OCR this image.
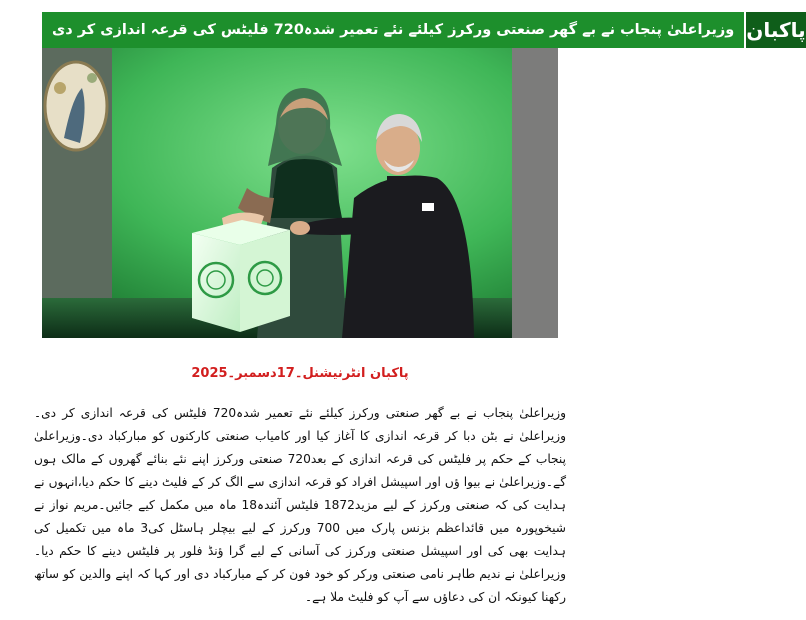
وزیراعلیٰ پنجاب نے بے گھر صنعتی ورکرز کیلئے نئے تعمیر شدہ720 فلیٹس کی قرعہ اندازی کر دی پاکبان
پاکبان انٹرنیشنل۔17دسمبر۔2025
وزیراعلیٰ پنجاب نے بے گھر صنعتی ورکرز کیلئے نئے تعمیر شدہ720 فلیٹس کی قرعہ اندازی کر دی۔وزیراعلیٰ نے بٹن دبا کر قرعہ اندازی کا آغاز کیا اور کامیاب صنعتی کارکنوں کو مبارکباد دی۔وزیراعلیٰ پنجاب کے حکم پر فلیٹس کی قرعہ اندازی کے بعد720 صنعتی ورکرز اپنے نئے بنائے گھروں کے مالک ہوں گے۔وزیراعلیٰ نے بیوا ؤں اور اسپیشل افراد کو قرعہ اندازی سے الگ کر کے فلیٹ دینے کا حکم دیا،انہوں نے ہدایت کی کہ صنعتی ورکرز کے لیے مزید1872 فلیٹس آئندہ18 ماہ میں مکمل کیے جائیں۔مریم نواز نے شیخوپورہ میں قائداعظم بزنس پارک میں 700 ورکرز کے لیے بیچلر ہاسٹل کی3 ماہ میں تکمیل کی ہدایت بھی کی اور اسپیشل صنعتی ورکرز کی آسانی کے لیے گرا ؤنڈ فلور پر فلیٹس دینے کا حکم دیا۔وزیراعلیٰ نے ندیم طاہر نامی صنعتی ورکر کو خود فون کر کے مبارکباد دی اور کہا کہ اپنے والدین کو ساتھ رکھنا کیونکہ ان کی دعاؤں سے آپ کو فلیٹ ملا ہے۔
